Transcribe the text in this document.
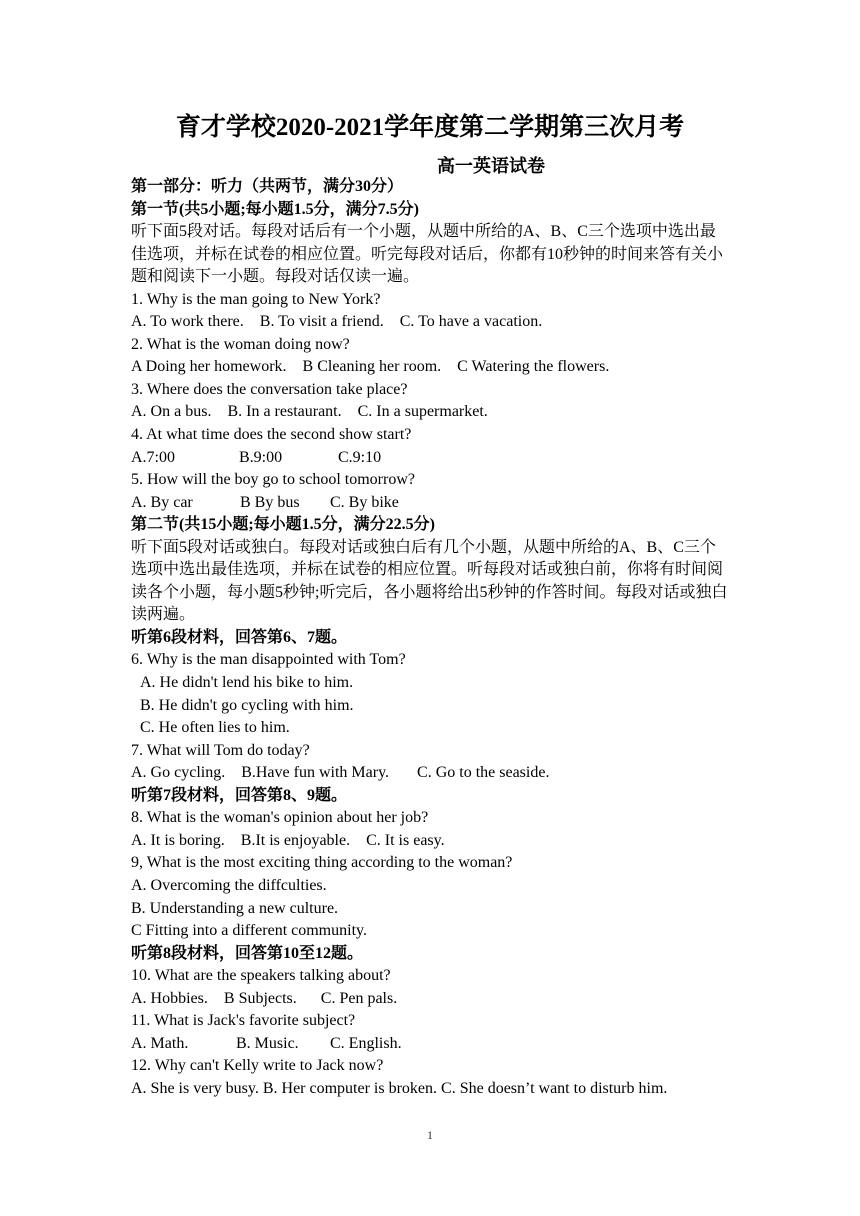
育才学校2020-2021学年度第二学期第三次月考
高一英语试卷
第一部分：听力（共两节，满分30分）
第一节(共5小题;每小题1.5分，满分7.5分)
听下面5段对话。每段对话后有一个小题，从题中所给的A、B、C三个选项中选出最佳选项，并标在试卷的相应位置。听完每段对话后，你都有10秒钟的时间来答有关小题和阅读下一小题。每段对话仅读一遍。
1. Why is the man going to New York?
A. To work there. B. To visit a friend. C. To have a vacation.
2. What is the woman doing now?
A Doing her homework. B Cleaning her room. C Watering the flowers.
3. Where does the conversation take place?
A. On a bus. B. In a restaurant. C. In a supermarket.
4. At what time does the second show start?
A.7:00	B.9:00	C.9:10
5. How will the boy go to school tomorrow?
A. By car	B By bus C. By bike
第二节(共15小题;每小题1.5分，满分22.5分)
听下面5段对话或独白。每段对话或独白后有几个小题，从题中所给的A、B、C三个选项中选出最佳选项，并标在试卷的相应位置。听每段对话或独白前，你将有时间阅读各个小题，每小题5秒钟;听完后，各小题将给出5秒钟的作答时间。每段对话或独白读两遍。
听第6段材料，回答第6、7题。
6. Why is the man disappointed with Tom?
A. He didn't lend his bike to him.
B. He didn't go cycling with him.
C. He often lies to him.
7. What will Tom do today?
A. Go cycling. B.Have fun with Mary. C. Go to the seaside.
听第7段材料，回答第8、9题。
8. What is the woman's opinion about her job?
A. It is boring. B.It is enjoyable. C. It is easy.
9, What is the most exciting thing according to the woman?
A. Overcoming the diffculties.
B. Understanding a new culture.
C Fitting into a different community.
听第8段材料，回答第10至12题。
10. What are the speakers talking about?
A. Hobbies. B Subjects. C. Pen pals.
11. What is Jack's favorite subject?
A. Math.	B. Music. C. English.
12. Why can't Kelly write to Jack now?
A. She is very busy. B. Her computer is broken. C. She doesn’t want to disturb him.
1
